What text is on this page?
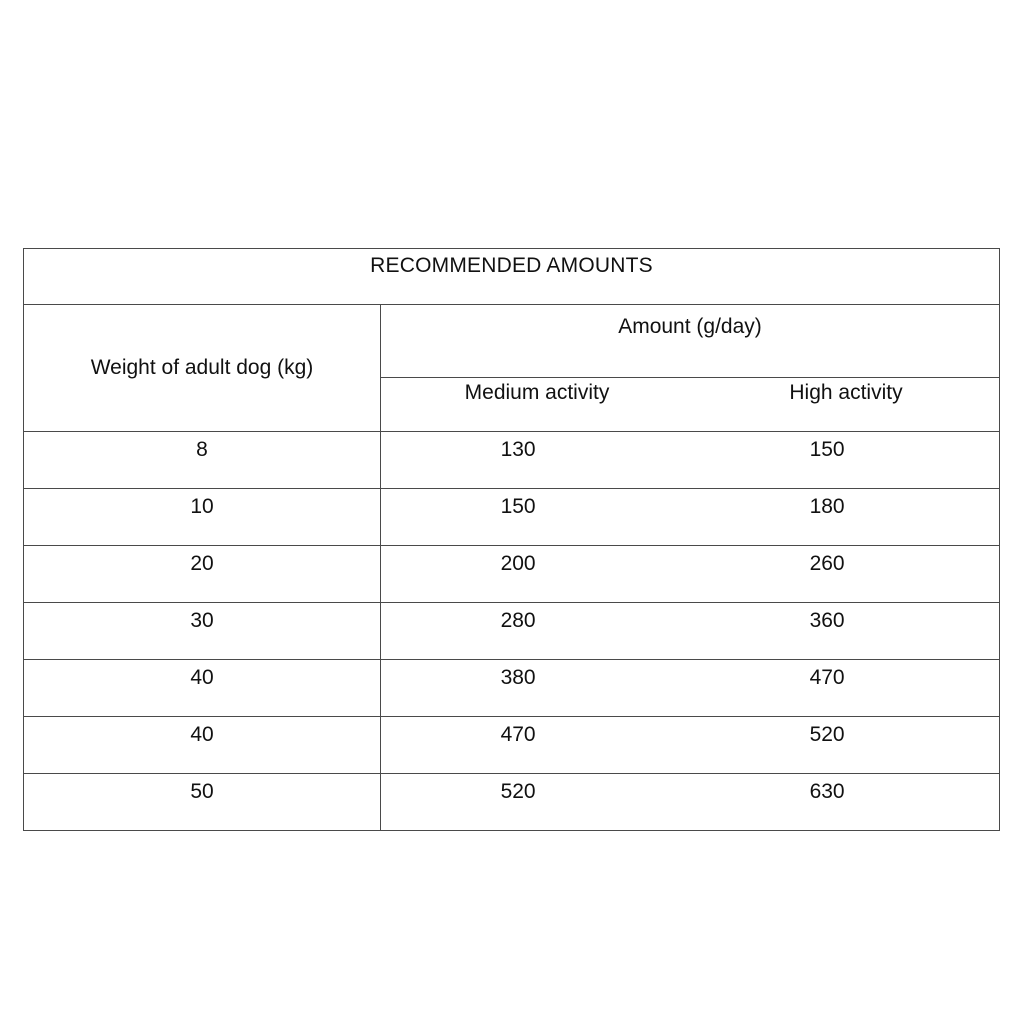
RECOMMENDED AMOUNTS	
Weight of adult dog (kg)	Amount (g/day)

	Medium activity High activity

8	130 150

10	150 180

20	200 260

30	280 360

40	380 470

40	470 520

50	520 630
